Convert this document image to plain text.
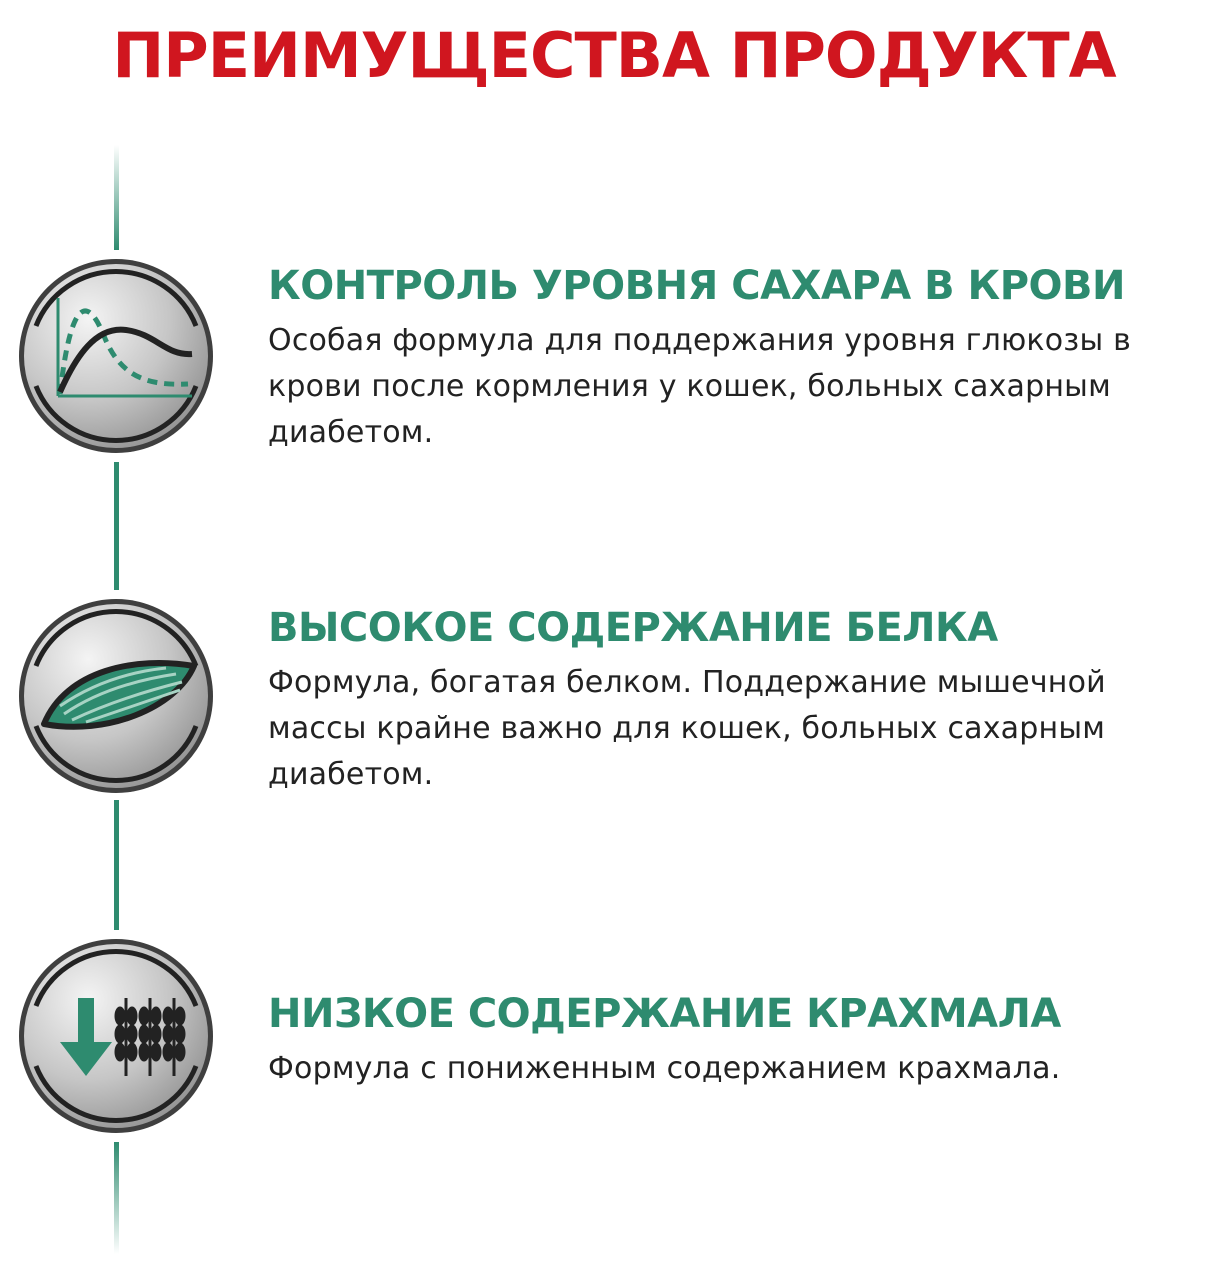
ПРЕИМУЩЕСТВА ПРОДУКТА
КОНТРОЛЬ УРОВНЯ САХАРА В КРОВИ
Особая формула для поддержания уровня глюкозы в крови после кормления у кошек, больных сахарным диабетом.
ВЫСОКОЕ СОДЕРЖАНИЕ БЕЛКА
Формула, богатая белком. Поддержание мышечной массы крайне важно для кошек, больных сахарным диабетом.
НИЗКОЕ СОДЕРЖАНИЕ КРАХМАЛА
Формула с пониженным содержанием крахмала.
